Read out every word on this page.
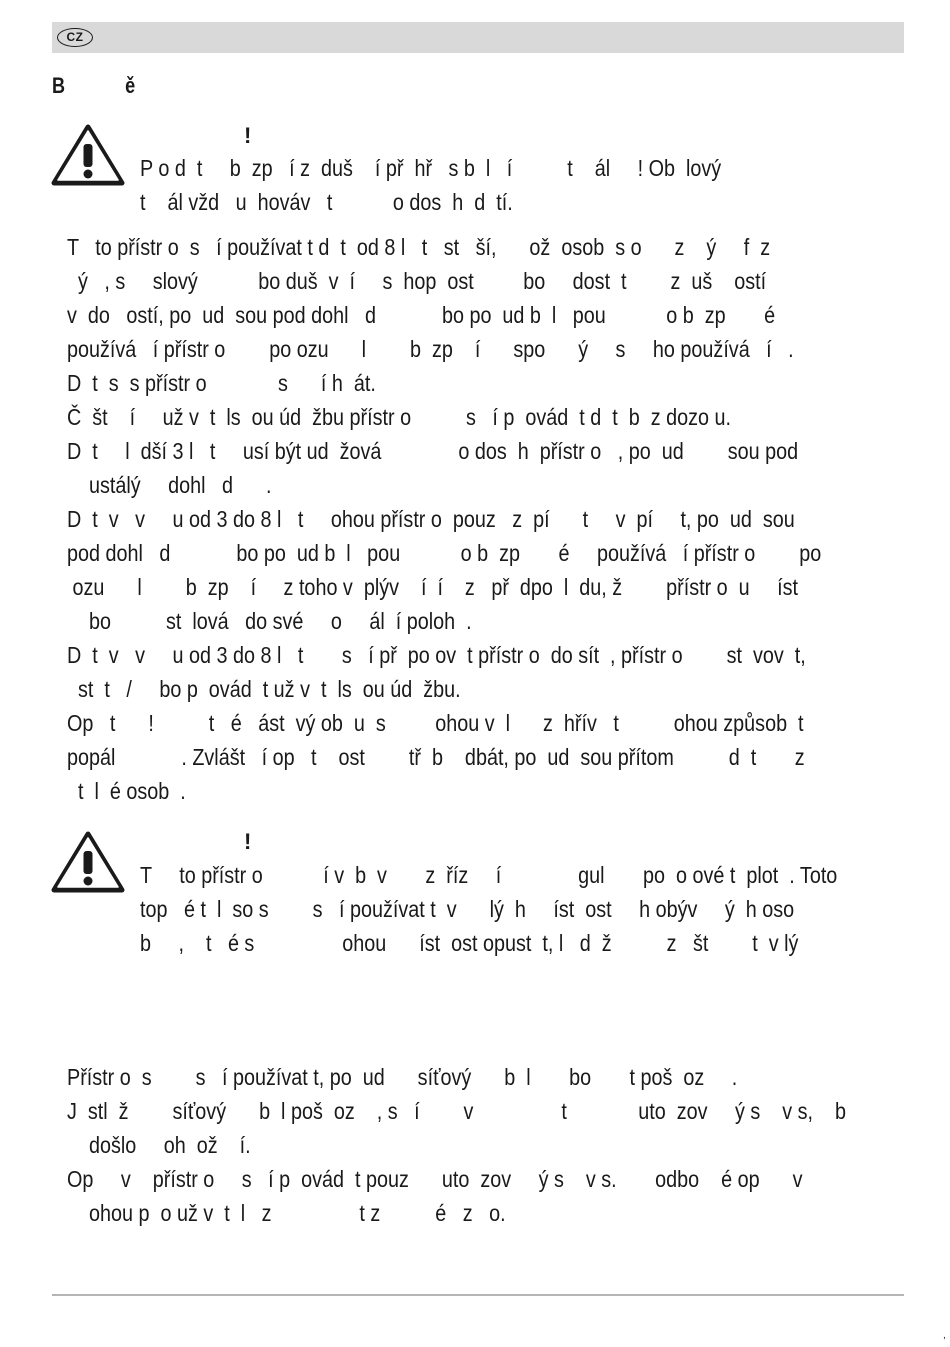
CZ
B            ě
!
P o d  t     b  zp   í z  duš    í př  hř   s b  l   í          t    ál     ! Ob  lový
t    ál vžd   u  hováv   t           o dos  h  d  tí.
T   to přístr o  s   í používat t d  t  od 8 l   t   st   ší,      ož  osob  s o      z    ý     f  z
ý   , s     slový           bo duš  v  í     s  hop  ost         bo     dost  t        z  uš    ostí
v  do   ostí, po  ud  sou pod dohl   d            bo po  ud b  l   pou           o b  zp       é
používá   í přístr o        po ozu      l        b  zp    í      spo      ý     s     ho používá   í   .
D  t  s  s přístr o             s      í h  át.
Č  št    í     už v  t  ls  ou úd  žbu přístr o          s   í p  ovád  t d  t  b  z dozo u.
D  t     l  dší 3 l   t     usí být ud  žová              o dos  h  přístr o   , po  ud        sou pod
ustálý     dohl   d      .
D  t  v   v     u od 3 do 8 l   t     ohou přístr o  pouz   z  pí      t     v  pí     t, po  ud  sou
pod dohl   d            bo po  ud b  l   pou           o b  zp       é     používá   í přístr o        po
ozu      l        b  zp    í     z toho v  plýv    í  í    z   př  dpo  l  du, ž        přístr o  u     íst
bo          st  lová   do své     o     ál  í poloh  .
D  t  v   v     u od 3 do 8 l   t       s   í př  po ov  t přístr o  do sít  , přístr o        st  vov  t,
st  t   /     bo p  ovád  t už v  t  ls  ou úd  žbu.
Op   t      !          t   é   ást  vý ob  u  s         ohou v  l      z  hřív   t          ohou způsob  t
popál            . Zvlášt   í op   t    ost        tř  b    dbát, po  ud  sou přítom          d  t       z
t  l  é osob  .
!
T     to přístr o           í v  b  v       z  říz     í              gul       po  o ové t  plot  . Toto
top   é t  l  so s        s   í používat t  v      lý  h     íst  ost     h obýv     ý  h oso
b     ,    t   é s                ohou      íst  ost opust  t, l   d  ž          z   št        t  v lý
Přístr o  s        s   í používat t, po  ud      síťový      b  l       bo       t poš  oz     .
J  stl  ž        síťový      b  l poš  oz    , s   í        v                t             uto  zov     ý s    v s,    b
došlo     oh  ož    í.
Op     v    přístr o     s   í p  ovád  t pouz      uto  zov     ý s    v s.       odbo    é op      v
ohou p  o už v  t  l   z                t z          é   z   o.
,
